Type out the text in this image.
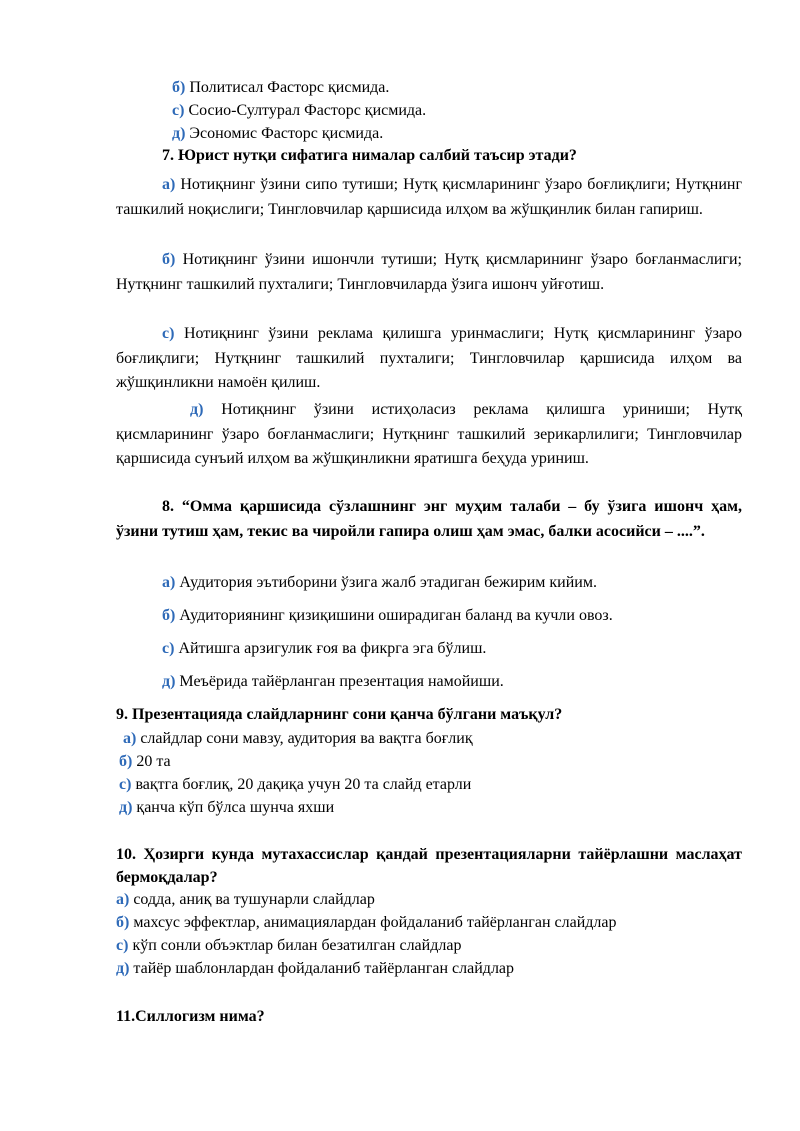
б) Политисал Фасторс қисмида.
с) Сосио-Султурал Фасторс қисмида.
д) Эсономис Фасторс қисмида.
7. Юрист нутқи сифатига нималар салбий таъсир этади?
а) Нотиқнинг ўзини сипо тутиши; Нутқ қисмларининг ўзаро боғлиқлиги; Нутқнинг ташкилий ноқислиги; Тингловчилар қаршисида илҳом ва жўшқинлик билан гапириш.
б) Нотиқнинг ўзини ишончли тутиши; Нутқ қисмларининг ўзаро боғланмаслиги; Нутқнинг ташкилий пухталиги; Тингловчиларда ўзига ишонч уйғотиш.
с) Нотиқнинг ўзини реклама қилишга уринмаслиги; Нутқ қисмларининг ўзаро боғлиқлиги; Нутқнинг ташкилий пухталиги; Тингловчилар қаршисида илҳом ва жўшқинликни намоён қилиш.
д) Нотиқнинг ўзини истиҳоласиз реклама қилишга уриниши; Нутқ қисмларининг ўзаро боғланмаслиги; Нутқнинг ташкилий зерикарлилиги; Тингловчилар қаршисида сунъий илҳом ва жўшқинликни яратишга беҳуда уриниш.
8. “Омма қаршисида сўзлашнинг энг муҳим талаби – бу ўзига ишонч ҳам, ўзини тутиш ҳам, текис ва чиройли гапира олиш ҳам эмас, балки асосийси – ....”.
а) Аудитория эътиборини ўзига жалб этадиган бежирим кийим.
б) Аудиториянинг қизиқишини оширадиган баланд ва кучли овоз.
с) Айтишга арзигулик ғоя ва фикрга эга бўлиш.
д) Меъёрида тайёрланган презентация намойиши.
9. Презентацияда слайдларнинг сони қанча бўлгани маъқул?
а) слайдлар сони мавзу, аудитория ва вақтга боғлиқ
б) 20 та
с) вақтга боғлиқ, 20 дақиқа учун 20 та слайд етарли
д) қанча кўп бўлса шунча яхши
10. Ҳозирги кунда мутахассислар қандай презентацияларни тайёрлашни маслаҳат бермоқдалар?
а) содда, аниқ ва тушунарли слайдлар
б) махсус эффектлар, анимациялардан фойдаланиб тайёрланган слайдлар
с) кўп сонли объэктлар билан безатилган слайдлар
д) тайёр шаблонлардан фойдаланиб тайёрланган слайдлар
11.Силлогизм нима?
